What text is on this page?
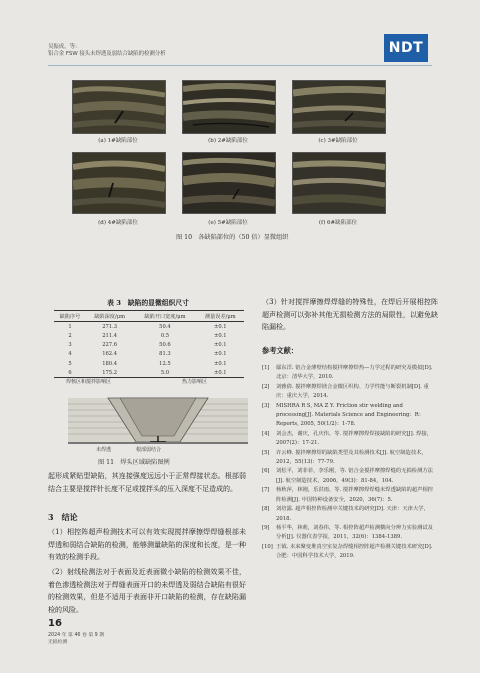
吴振成，等：
铝合金 FSW 接头未焊透及弱结合缺陷的检测分析	NDT
(a) 1#缺陷部位	(b) 2#缺陷部位	(c) 3#缺陷部位
(d) 4#缺陷部位	(e) 5#缺陷部位	(f) 6#缺陷部位
图 10　各缺陷部位的（50 倍）显微组织
表 3　缺陷的显微组织尺寸
缺陷序号	缺陷深度/μm	缺陷开口宽度/μm	测量误差/μm
1	271.3	50.4	±0.1
2	211.4	0.5	±0.1
3	227.6	50.6	±0.1
4	162.4	81.3	±0.1
5	180.4	12.5	±0.1
6	175.2	5.0	±0.1
焊核区和搅拌影响区	热力影响区
未焊透	根部弱结合
图 11　焊头区域缺陷图例
起形成紧贴型缺陷，其连接强度远远小于正常焊接状态。根部弱结合主要是搅拌针长度不足或搅拌头的压入深度不足造成的。
3　结论
（1）相控阵超声检测技术可以有效实现搅拌摩擦焊焊缝根部未焊透和弱结合缺陷的检测，能够测量缺陷的深度和长度，是一种有效的检测手段。
（2）射线检测法对于表面及近表面微小缺陷的检测效果不佳，着色渗透检测法对于焊缝表面开口的未焊透及弱结合缺陷有很好的检测效果，但是不适用于表面非开口缺陷的检测，存在缺陷漏检的风险。
（3）针对搅拌摩擦焊焊缝的特殊性，在焊后开展相控阵超声检测可以弥补其他无损检测方法的局限性，以避免缺陷漏检。
参考文献：
[1]	鄢东洋. 铝合金薄壁结构搅拌摩擦焊热—力学过程的研究及模拟[D]. 北京：清华大学，2010.
[2]	刘雅倩. 搅拌摩擦焊镁合金微区织构、力学性能与断裂机制[D]. 重庆：重庆大学，2014.
[3]	MISHRA R S, MA Z Y. Friction stir welding and processing[J]. Materials Science and Engineering：R：Reports, 2005, 50(1/2)：1-78.
[4]	刘会杰，谢庆，孔庆伟，等. 搅拌摩擦焊焊接缺陷的研究[J]. 焊接，2007(2)：17-21.
[5]	许云峰. 搅拌摩擦焊的缺陷类型及其检测技术[J]. 航空制造技术，2012，55(13)：77-79.
[6]	刘松平，刘菲菲，李乐刚，等. 铝合金搅拌摩擦焊缝的无损检测方法[J]. 航空制造技术，2006，49(3)：81-84，104.
[7]	杨秋萍，林刚，乐洪雨，等. 搅拌摩擦焊焊缝未焊透缺陷的超声相控阵检测[J]. 中国特种设备安全，2020，36(7)：5.
[8]	刘培露. 超声相控阵检测中关键技术的研究[D]. 天津：天津大学，2018.
[9]	杨平华，林莉，刘春伟，等. 相控阵超声检测横向分辨力实验测试及分析[J]. 仪器仪表学报，2011，32(6)：1384-1389.
[10] 王钺. 未来聚变堆真空室复杂焊缝相控阵超声检测关键技术研究[D]. 合肥：中国科学技术大学，2019.
16
2024 年 第 46 卷 第 9 期
无损检测
